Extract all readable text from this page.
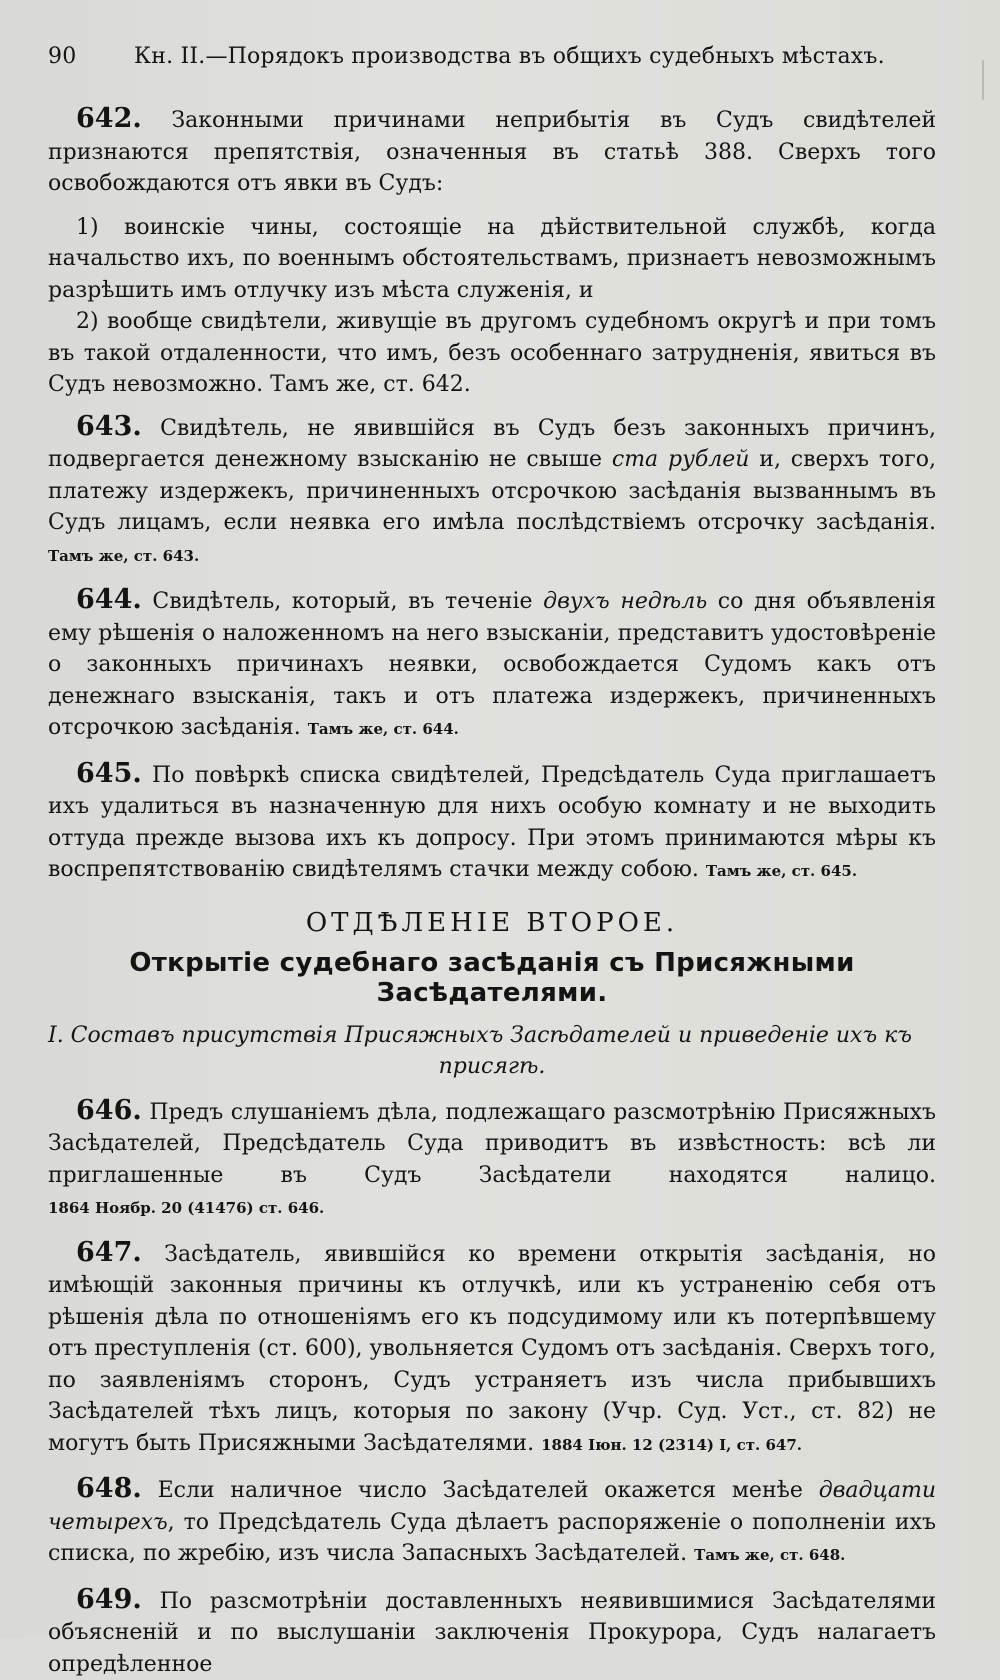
90	Кн. II.—Порядокъ производства въ общихъ судебныхъ мѣстахъ.

642. Законными причинами неприбытія въ Судъ свидѣтелей признаются препятствія, означенныя въ статьѣ 388. Сверхъ того освобождаются отъ явки въ Судъ:

1) воинскіе чины, состоящіе на дѣйствительной службѣ, когда начальство ихъ, по военнымъ обстоятельствамъ, признаетъ невозможнымъ разрѣшить имъ отлучку изъ мѣста служенія, и

2) вообще свидѣтели, живущіе въ другомъ судебномъ округѣ и при томъ въ такой отдаленности, что имъ, безъ особеннаго затрудненія, явиться въ Судъ невозможно. Тамъ же, ст. 642.

643. Свидѣтель, не явившійся въ Судъ безъ законныхъ причинъ, подвергается денежному взысканію не свыше ста рублей и, сверхъ того, платежу издержекъ, причиненныхъ отсрочкою засѣданія вызваннымъ въ Судъ лицамъ, если неявка его имѣла послѣдствіемъ отсрочку засѣданія. Тамъ же, ст. 643.

644. Свидѣтель, который, въ теченіе двухъ недѣль со дня объявленія ему рѣшенія о наложенномъ на него взысканіи, представитъ удостовѣреніе о законныхъ причинахъ неявки, освобождается Судомъ какъ отъ денежнаго взысканія, такъ и отъ платежа издержекъ, причиненныхъ отсрочкою засѣданія. Тамъ же, ст. 644.

645. По повѣркѣ списка свидѣтелей, Предсѣдатель Суда приглашаетъ ихъ удалиться въ назначенную для нихъ особую комнату и не выходить оттуда прежде вызова ихъ къ допросу. При этомъ принимаются мѣры къ воспрепятствованію свидѣтелямъ стачки между собою. Тамъ же, ст. 645.

ОТДѢЛЕНІЕ ВТОРОЕ.
Открытіе судебнаго засѣданія съ Присяжными Засѣдателями.
I. Составъ присутствія Присяжныхъ Засѣдателей и приведеніе ихъ къ
присягѣ.

646. Предъ слушаніемъ дѣла, подлежащаго разсмотрѣнію Присяжныхъ Засѣдателей, Предсѣдатель Суда приводитъ въ извѣстность: всѣ ли приглашенные въ Судъ Засѣдатели находятся налицо. 1864 Ноябр. 20 (41476) ст. 646.

647. Засѣдатель, явившійся ко времени открытія засѣданія, но имѣющій законныя причины къ отлучкѣ, или къ устраненію себя отъ рѣшенія дѣла по отношеніямъ его къ подсудимому или къ потерпѣвшему отъ преступленія (ст. 600), увольняется Судомъ отъ засѣданія. Сверхъ того, по заявленіямъ сторонъ, Судъ устраняетъ изъ числа прибывшихъ Засѣдателей тѣхъ лицъ, которыя по закону (Учр. Суд. Уст., ст. 82) не могутъ быть Присяжными Засѣдателями. 1884 Іюн. 12 (2314) I, ст. 647.

648. Если наличное число Засѣдателей окажется менѣе двадцати четырехъ, то Предсѣдатель Суда дѣлаетъ распоряженіе о пополненіи ихъ списка, по жребію, изъ числа Запасныхъ Засѣдателей. Тамъ же, ст. 648.

649. По разсмотрѣніи доставленныхъ неявившимися Засѣдателями объясненій и по выслушаніи заключенія Прокурора, Судъ налагаетъ опредѣленное
